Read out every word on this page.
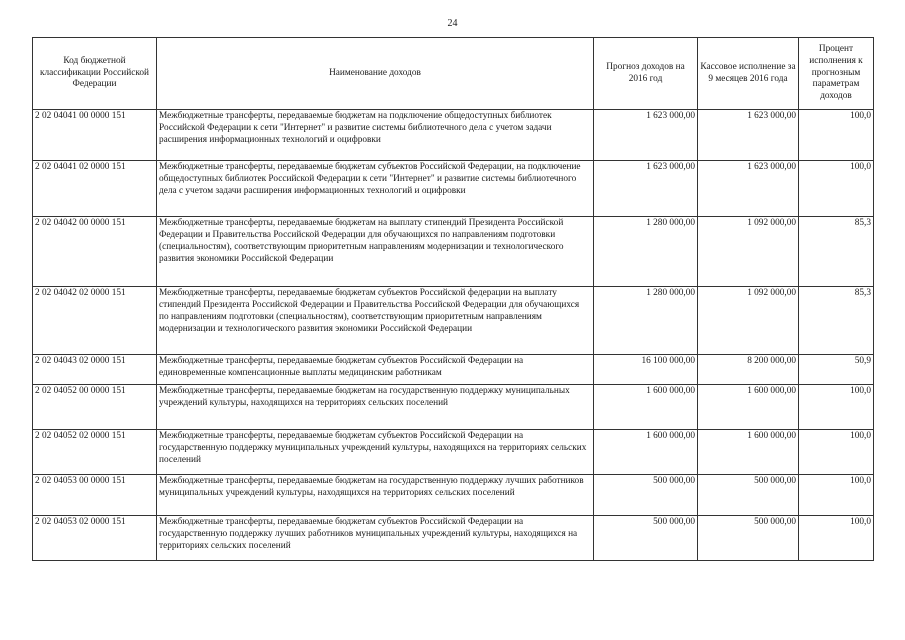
24
Код бюджетной классификации Российской Федерации	Наименование доходов	Прогноз доходов на 2016 год	Кассовое исполнение за 9 месяцев 2016 года	Процент исполнения к прогнозным параметрам доходов
2 02 04041 00 0000 151	Межбюджетные трансферты, передаваемые бюджетам на подключение общедоступных библиотек Российской Федерации к сети "Интернет" и развитие системы библиотечного дела с учетом задачи расширения информационных технологий и оцифровки	1 623 000,00	1 623 000,00	100,0
2 02 04041 02 0000 151	Межбюджетные трансферты, передаваемые бюджетам субъектов Российской Федерации, на подключение общедоступных библиотек Российской Федерации к сети "Интернет" и развитие системы библиотечного дела с учетом задачи расширения информационных технологий и оцифровки	1 623 000,00	1 623 000,00	100,0
2 02 04042 00 0000 151	Межбюджетные трансферты, передаваемые бюджетам на выплату стипендий Президента Российской Федерации и Правительства Российской Федерации для обучающихся по направлениям подготовки (специальностям), соответствующим приоритетным направлениям модернизации и технологического развития экономики Российской Федерации	1 280 000,00	1 092 000,00	85,3
2 02 04042 02 0000 151	Межбюджетные трансферты, передаваемые бюджетам субъектов Российской федерации на выплату стипендий Президента Российской Федерации и Правительства Российской Федерации для обучающихся по направлениям подготовки (специальностям), соответствующим приоритетным направлениям модернизации и технологического развития экономики Российской Федерации	1 280 000,00	1 092 000,00	85,3
2 02 04043 02 0000 151	Межбюджетные трансферты, передаваемые бюджетам субъектов Российской Федерации на единовременные компенсационные выплаты медицинским работникам	16 100 000,00	8 200 000,00	50,9
2 02 04052 00 0000 151	Межбюджетные трансферты, передаваемые бюджетам на государственную поддержку муниципальных учреждений культуры, находящихся на территориях сельских поселений	1 600 000,00	1 600 000,00	100,0
2 02 04052 02 0000 151	Межбюджетные трансферты, передаваемые бюджетам субъектов Российской Федерации на государственную поддержку муниципальных учреждений культуры, находящихся на территориях сельских поселений	1 600 000,00	1 600 000,00	100,0
2 02 04053 00 0000 151	Межбюджетные трансферты, передаваемые бюджетам на государственную поддержку лучших работников муниципальных учреждений культуры, находящихся на территориях сельских поселений	500 000,00	500 000,00	100,0
2 02 04053 02 0000 151	Межбюджетные трансферты, передаваемые бюджетам субъектов Российской Федерации на государственную поддержку лучших работников муниципальных учреждений культуры, находящихся на территориях сельских поселений	500 000,00	500 000,00	100,0
